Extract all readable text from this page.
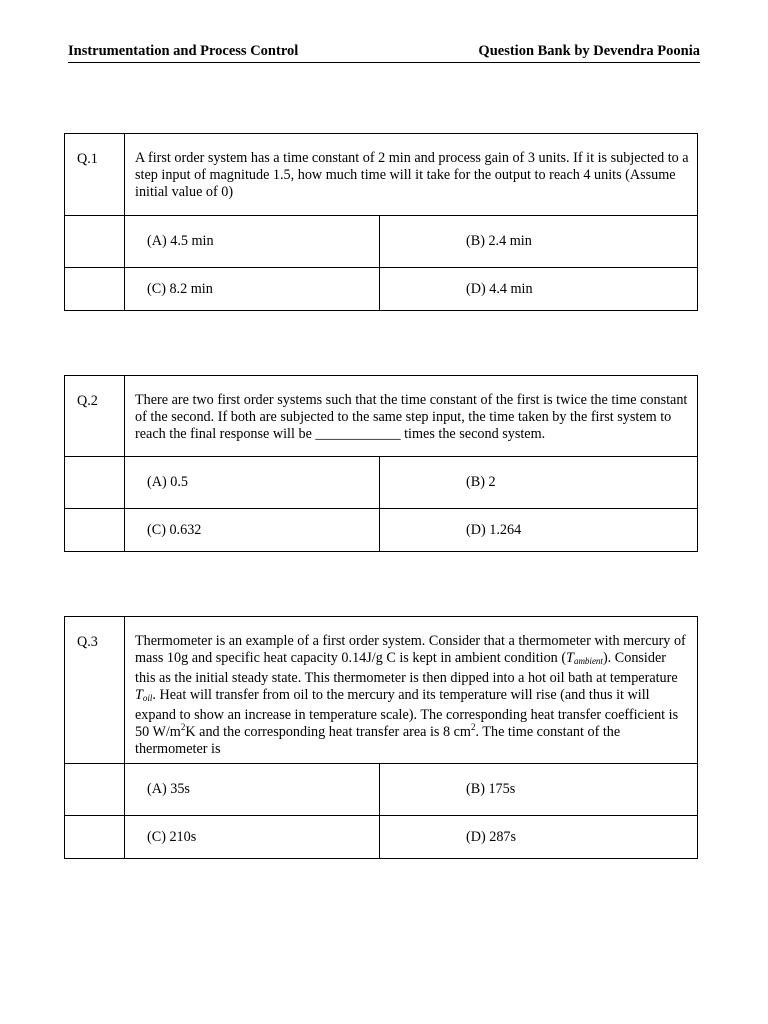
Instrumentation and Process Control	Question Bank by Devendra Poonia
Q.1	A first order system has a time constant of 2 min and process gain of 3 units. If it is subjected to a step input of magnitude 1.5, how much time will it take for the output to reach 4 units (Assume initial value of 0)	
	(A) 4.5 min	(B) 2.4 min
	(C) 8.2 min	(D) 4.4 min
Q.2	There are two first order systems such that the time constant of the first is twice the time constant of the second. If both are subjected to the same step input, the time taken by the first system to reach the final response will be ____________ times the second system.	
	(A) 0.5	(B) 2
	(C) 0.632	(D) 1.264
Q.3	Thermometer is an example of a first order system. Consider that a thermometer with mercury of mass 10g and specific heat capacity 0.14J/g C is kept in ambient condition $(T_{ambient})$. Consider this as the initial steady state. This thermometer is then dipped into a hot oil bath at temperature $T_{oil}$. Heat will transfer from oil to the mercury and its temperature will rise (and thus it will expand to show an increase in temperature scale). The corresponding heat transfer coefficient is 50 $W/m^2K$ and the corresponding heat transfer area is 8 $cm^2$. The time constant of the thermometer is	
	(A) 35s	(B) 175s
	(C) 210s	(D) 287s
